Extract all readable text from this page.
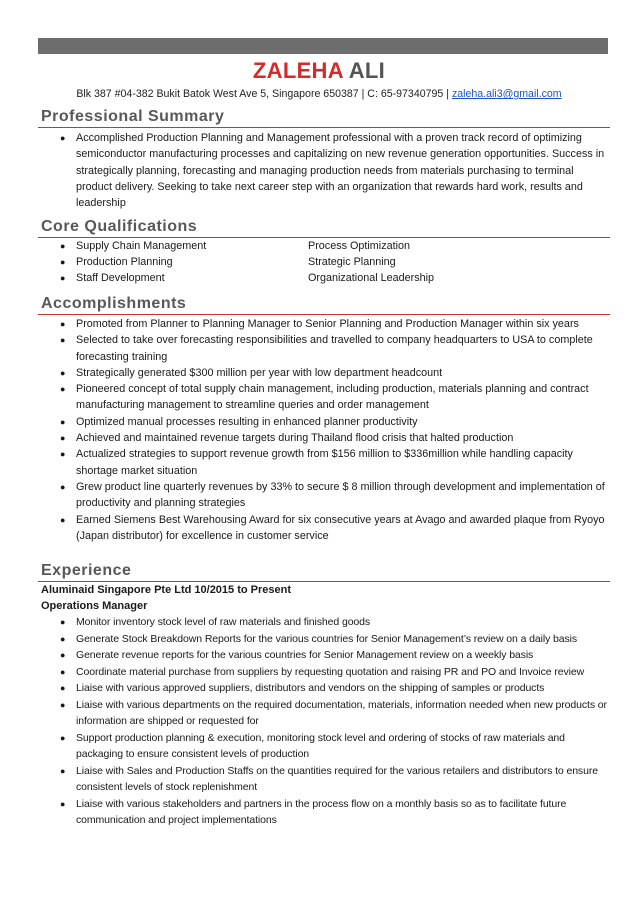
ZALEHA ALI
Blk 387 #04-382 Bukit Batok West Ave 5, Singapore 650387 | C: 65-97340795 | zaleha.ali3@gmail.com
Professional Summary
● Accomplished Production Planning and Management professional with a proven track record of optimizing semiconductor manufacturing processes and capitalizing on new revenue generation opportunities. Success in strategically planning, forecasting and managing production needs from materials purchasing to terminal product delivery. Seeking to take next career step with an organization that rewards hard work, results and leadership
Core Qualifications
● Supply Chain Management	Process Optimization
● Production Planning	Strategic Planning
● Staff Development	Organizational Leadership
Accomplishments
● Promoted from Planner to Planning Manager to Senior Planning and Production Manager within six years
● Selected to take over forecasting responsibilities and travelled to company headquarters to USA to complete forecasting training
● Strategically generated $300 million per year with low department headcount
● Pioneered concept of total supply chain management, including production, materials planning and contract manufacturing management to streamline queries and order management
● Optimized manual processes resulting in enhanced planner productivity
● Achieved and maintained revenue targets during Thailand flood crisis that halted production
● Actualized strategies to support revenue growth from $156 million to $336million while handling capacity shortage market situation
● Grew product line quarterly revenues by 33% to secure $ 8 million through development and implementation of productivity and planning strategies
● Earned Siemens Best Warehousing Award for six consecutive years at Avago and awarded plaque from Ryoyo (Japan distributor) for excellence in customer service
Experience
Aluminaid Singapore Pte Ltd 10/2015 to Present
Operations Manager
● Monitor inventory stock level of raw materials and finished goods
● Generate Stock Breakdown Reports for the various countries for Senior Management’s review on a daily basis
● Generate revenue reports for the various countries for Senior Management review on a weekly basis
● Coordinate material purchase from suppliers by requesting quotation and raising PR and PO and Invoice review
● Liaise with various approved suppliers, distributors and vendors on the shipping of samples or products
● Liaise with various departments on the required documentation, materials, information needed when new products or information are shipped or requested for
● Support production planning & execution, monitoring stock level and ordering of stocks of raw materials and packaging to ensure consistent levels of production
● Liaise with Sales and Production Staffs on the quantities required for the various retailers and distributors to ensure consistent levels of stock replenishment
● Liaise with various stakeholders and partners in the process flow on a monthly basis so as to facilitate future communication and project implementations
